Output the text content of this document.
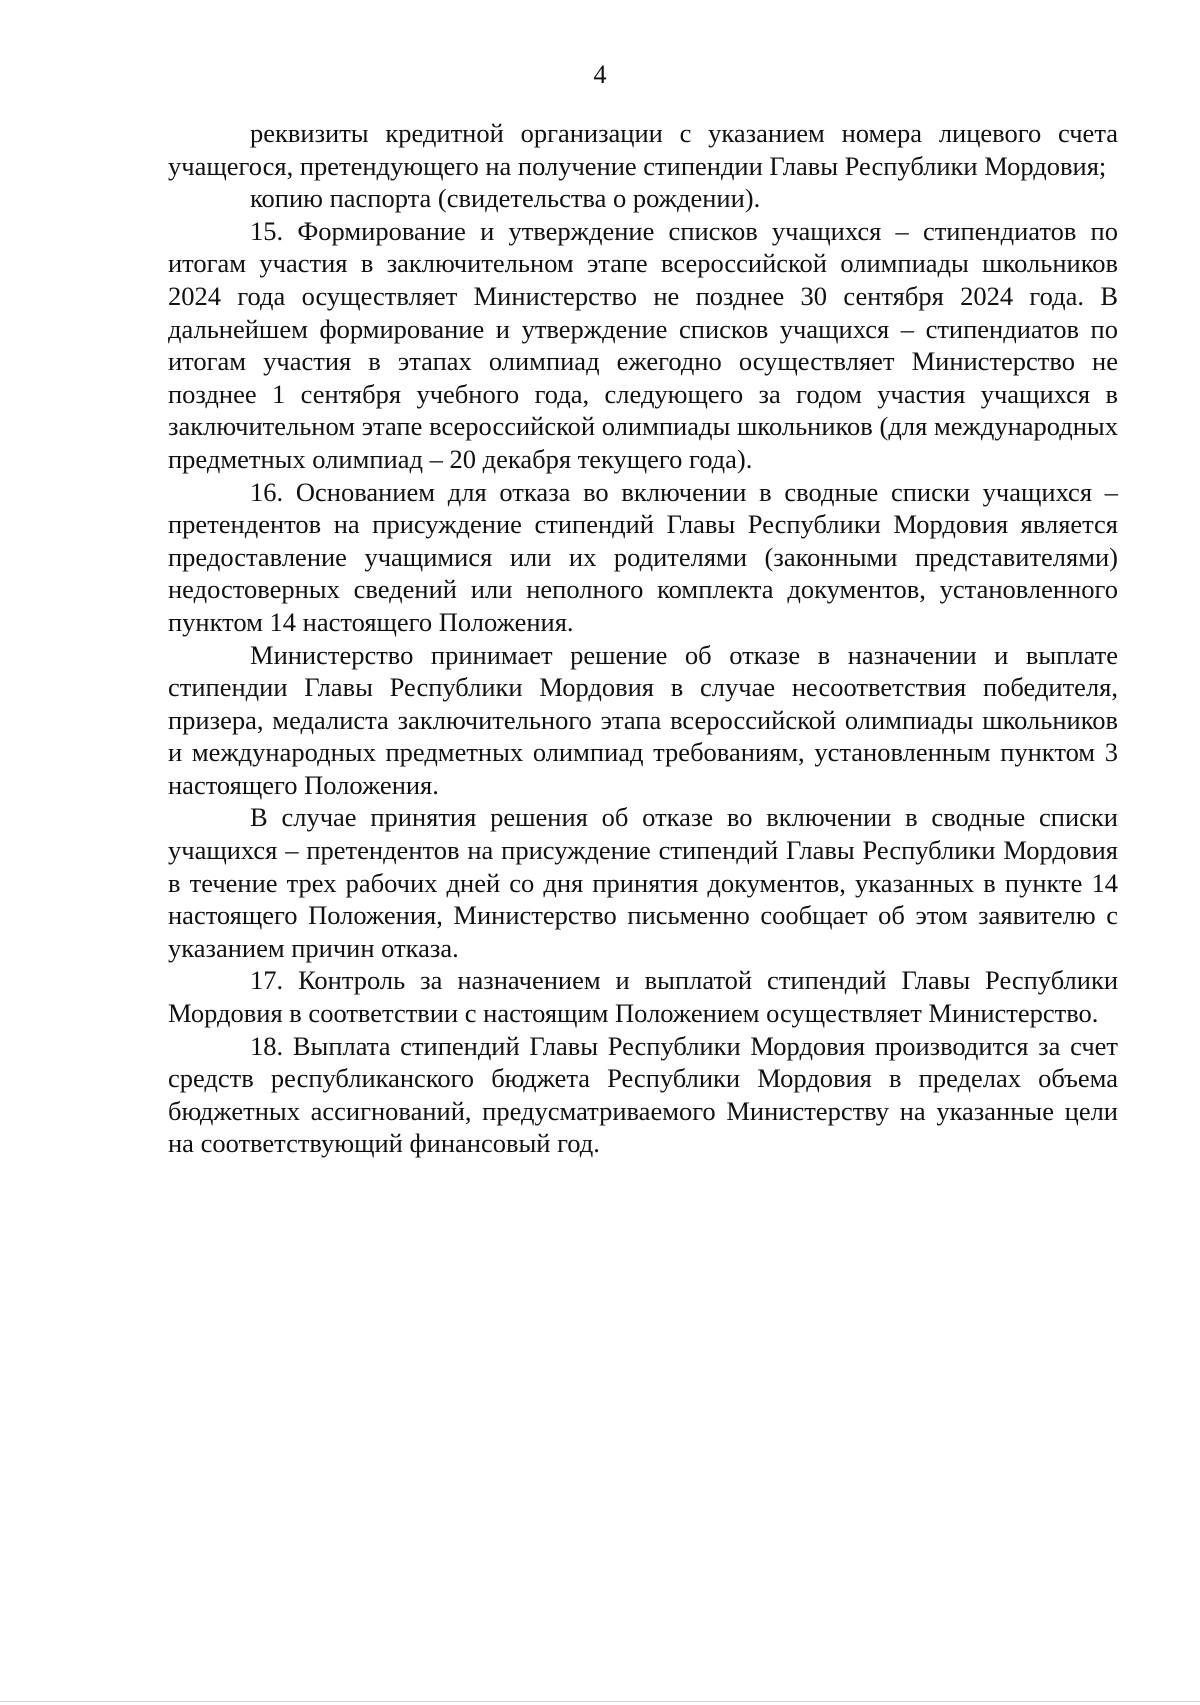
4

реквизиты кредитной организации с указанием номера лицевого счета учащегося, претендующего на получение стипендии Главы Республики Мордовия;

копию паспорта (свидетельства о рождении).

15. Формирование и утверждение списков учащихся – стипендиатов по итогам участия в заключительном этапе всероссийской олимпиады школьников 2024 года осуществляет Министерство не позднее 30 сентября 2024 года. В дальнейшем формирование и утверждение списков учащихся – стипендиатов по итогам участия в этапах олимпиад ежегодно осуществляет Министерство не позднее 1 сентября учебного года, следующего за годом участия учащихся в заключительном этапе всероссийской олимпиады школьников (для международных предметных олимпиад – 20 декабря текущего года).

16. Основанием для отказа во включении в сводные списки учащихся – претендентов на присуждение стипендий Главы Республики Мордовия является предоставление учащимися или их родителями (законными представителями) недостоверных сведений или неполного комплекта документов, установленного пунктом 14 настоящего Положения.

Министерство принимает решение об отказе в назначении и выплате стипендии Главы Республики Мордовия в случае несоответствия победителя, призера, медалиста заключительного этапа всероссийской олимпиады школьников и международных предметных олимпиад требованиям, установленным пунктом 3 настоящего Положения.

В случае принятия решения об отказе во включении в сводные списки учащихся – претендентов на присуждение стипендий Главы Республики Мордовия в течение трех рабочих дней со дня принятия документов, указанных в пункте 14 настоящего Положения, Министерство письменно сообщает об этом заявителю с указанием причин отказа.

17. Контроль за назначением и выплатой стипендий Главы Республики Мордовия в соответствии с настоящим Положением осуществляет Министерство.

18. Выплата стипендий Главы Республики Мордовия производится за счет средств республиканского бюджета Республики Мордовия в пределах объема бюджетных ассигнований, предусматриваемого Министерству на указанные цели на соответствующий финансовый год.
